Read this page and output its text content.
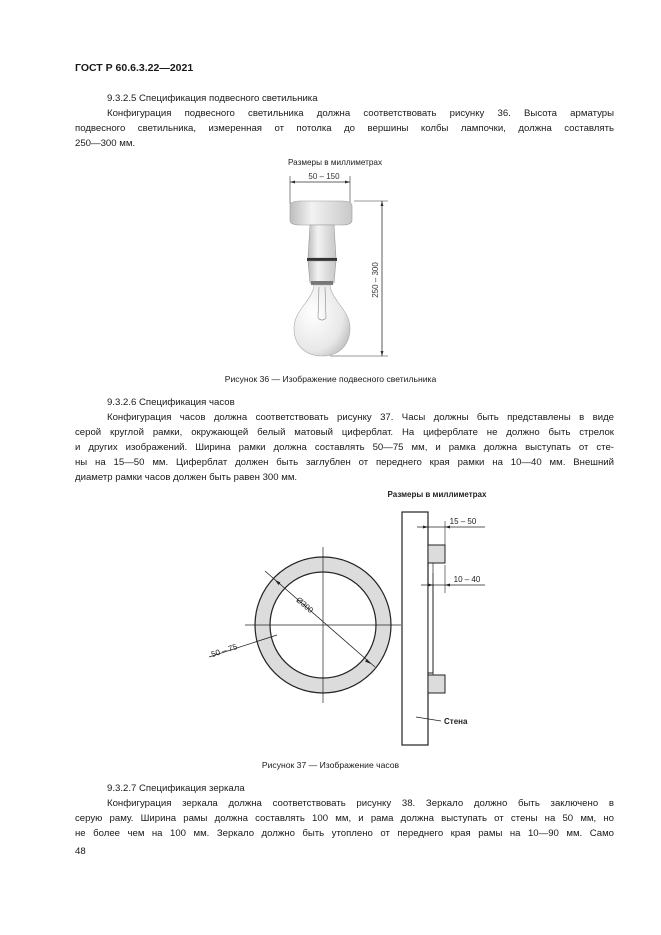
ГОСТ Р 60.6.3.22—2021
9.3.2.5 Спецификация подвесного светильника
Конфигурация подвесного светильника должна соответствовать рисунку 36. Высота арматуры
подвесного светильника, измеренная от потолка до вершины колбы лампочки, должна составлять
250—300 мм.
Размеры в миллиметрах
50 – 150
250 – 300
Рисунок 36 — Изображение подвесного светильника
9.3.2.6 Спецификация часов
Конфигурация часов должна соответствовать рисунку 37. Часы должны быть представлены в виде
серой круглой рамки, окружающей белый матовый циферблат. На циферблате не должно быть стрелок
и других изображений. Ширина рамки должна составлять 50—75 мм, и рамка должна выступать от сте-
ны на 15—50 мм. Циферблат должен быть заглублен от переднего края рамки на 10—40 мм. Внешний
диаметр рамки часов должен быть равен 300 мм.
Размеры в миллиметрах
Ø300
50 – 75
15 – 50
10 – 40
Стена
Рисунок 37 — Изображение часов
9.3.2.7 Спецификация зеркала
Конфигурация зеркала должна соответствовать рисунку 38. Зеркало должно быть заключено в
серую раму. Ширина рамы должна составлять 100 мм, и рама должна выступать от стены на 50 мм, но
не более чем на 100 мм. Зеркало должно быть утоплено от переднего края рамы на 10—90 мм. Само
48
